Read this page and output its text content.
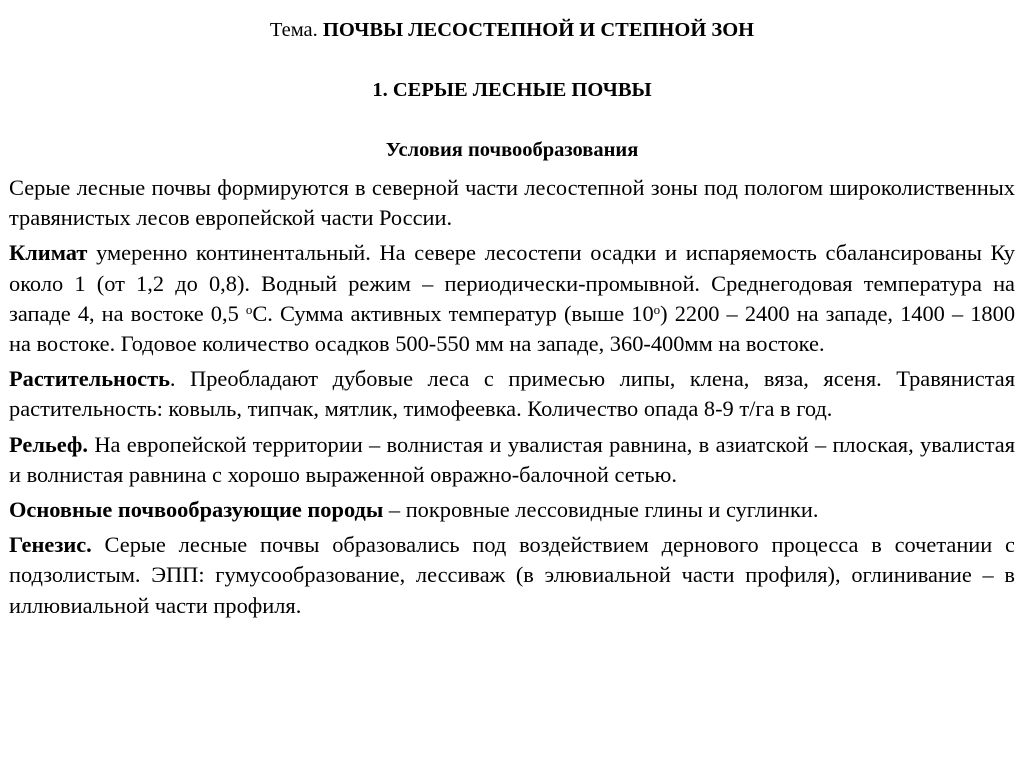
Тема. ПОЧВЫ ЛЕСОСТЕПНОЙ И СТЕПНОЙ ЗОН
1. СЕРЫЕ ЛЕСНЫЕ ПОЧВЫ
Условия почвообразования

Серые лесные почвы формируются в северной части лесостепной зоны под пологом широколиственных травянистых лесов европейской части России.

Климат умеренно континентальный. На севере лесостепи осадки и испаряемость сбалансированы Ку около 1 (от 1,2 до 0,8). Водный режим – периодически-промывной. Среднегодовая температура на западе 4, на востоке 0,5 $^о$С. Сумма активных температур (выше $10^о$) 2200 – 2400 на западе, 1400 – 1800 на востоке. Годовое количество осадков 500-550 мм на западе, 360-400мм на востоке.

Растительность. Преобладают дубовые леса с примесью липы, клена, вяза, ясеня. Травянистая растительность: ковыль, типчак, мятлик, тимофеевка. Количество опада 8-9 т/га в год.

Рельеф. На европейской территории – волнистая и увалистая равнина, в азиатской – плоская, увалистая и волнистая равнина с хорошо выраженной овражно-балочной сетью.

Основные почвообразующие породы – покровные лессовидные глины и суглинки.

Генезис. Серые лесные почвы образовались под воздействием дернового процесса в сочетании с подзолистым. ЭПП: гумусообразование, лессиваж (в элювиальной части профиля), оглинивание – в иллювиальной части профиля.
